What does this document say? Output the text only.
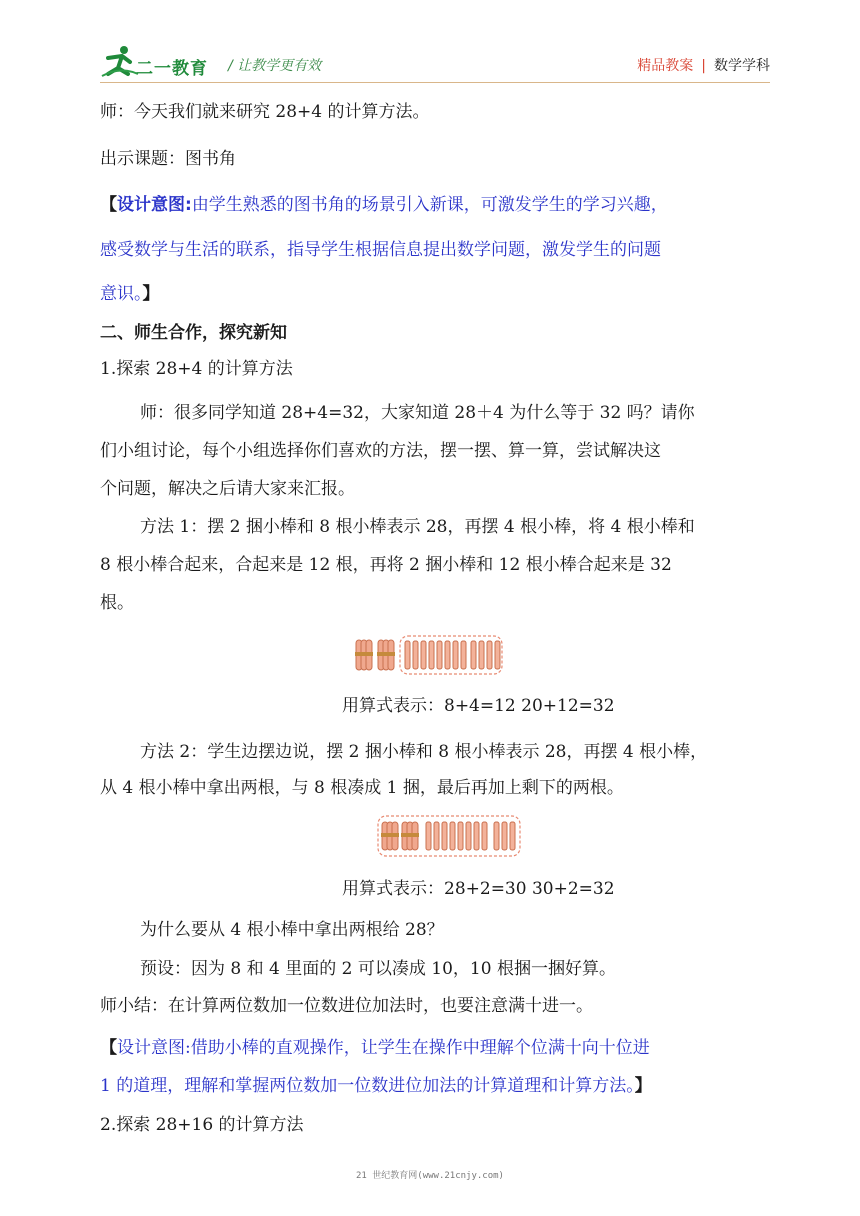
二一教育 / 让教学更有效	精品教案 | 数学学科
师：今天我们就来研究 28+4 的计算方法。
出示课题：图书角
【设计意图:由学生熟悉的图书角的场景引入新课，可激发学生的学习兴趣，
感受数学与生活的联系，指导学生根据信息提出数学问题，激发学生的问题
意识。】
二、师生合作，探究新知
1.探索 28+4 的计算方法
师：很多同学知道 28+4=32，大家知道 28＋4 为什么等于 32 吗？请你
们小组讨论，每个小组选择你们喜欢的方法，摆一摆、算一算，尝试解决这
个问题，解决之后请大家来汇报。
方法 1：摆 2 捆小棒和 8 根小棒表示 28，再摆 4 根小棒，将 4 根小棒和
8 根小棒合起来，合起来是 12 根，再将 2 捆小棒和 12 根小棒合起来是 32
根。
用算式表示：8+4=12 20+12=32
方法 2：学生边摆边说，摆 2 捆小棒和 8 根小棒表示 28，再摆 4 根小棒，
从 4 根小棒中拿出两根，与 8 根凑成 1 捆，最后再加上剩下的两根。
用算式表示：28+2=30 30+2=32
为什么要从 4 根小棒中拿出两根给 28？
预设：因为 8 和 4 里面的 2 可以凑成 10，10 根捆一捆好算。
师小结：在计算两位数加一位数进位加法时，也要注意满十进一。
【设计意图:借助小棒的直观操作，让学生在操作中理解个位满十向十位进
1 的道理，理解和掌握两位数加一位数进位加法的计算道理和计算方法。】
2.探索 28+16 的计算方法
21 世纪教育网(www.21cnjy.com)
